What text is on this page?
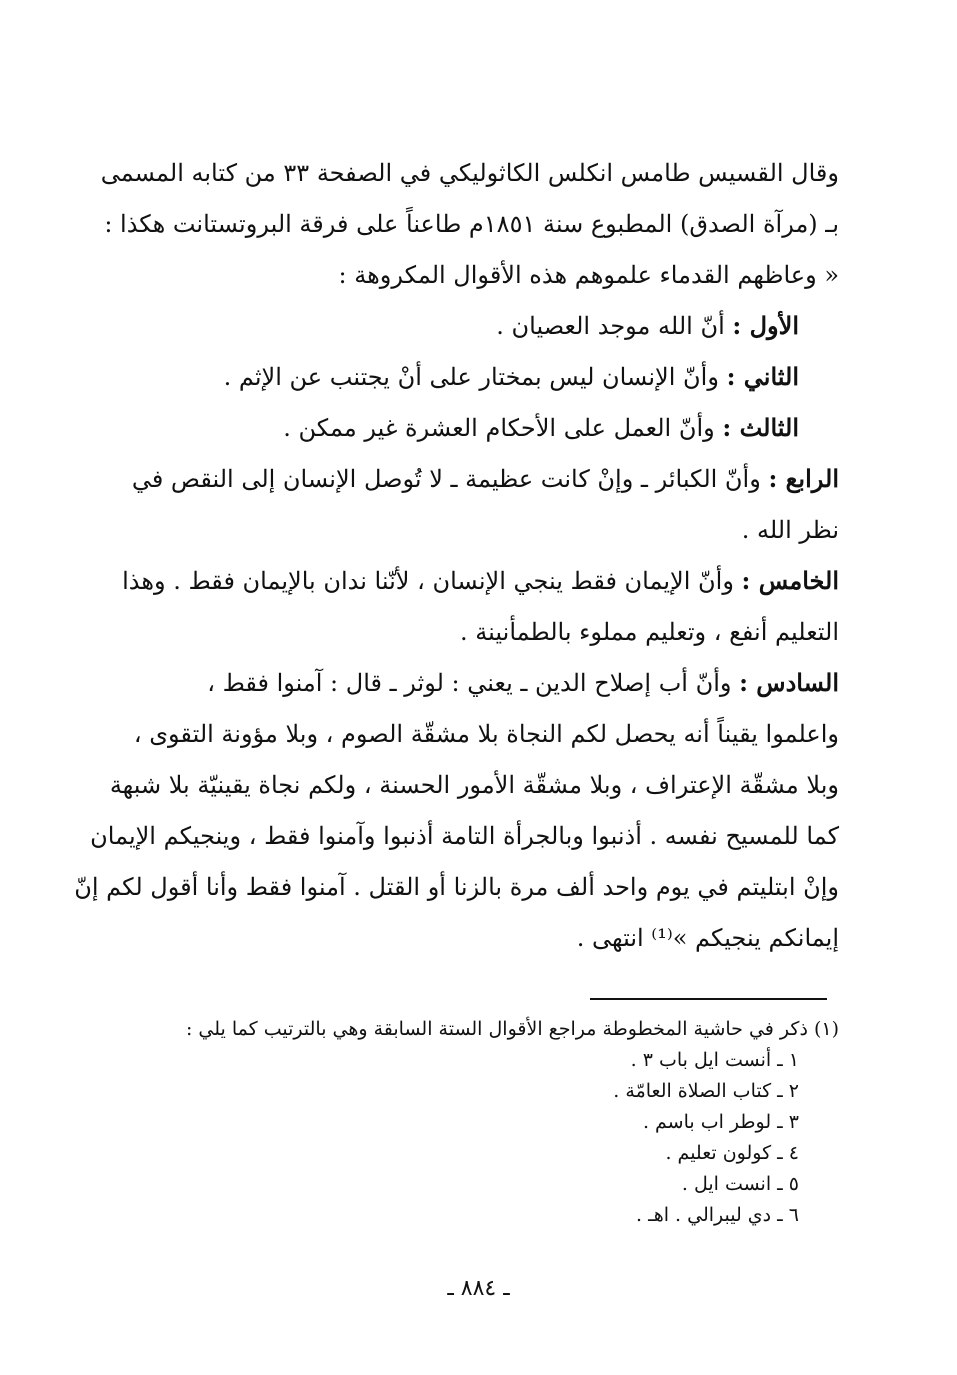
وقال القسيس طامس انكلس الكاثوليكي في الصفحة ٣٣ من كتابه المسمى
بـ (مرآة الصدق) المطبوع سنة ١٨٥١م طاعناً على فرقة البروتستانت هكذا :
« وعاظهم القدماء علموهم هذه الأقوال المكروهة :
الأول : أنّ الله موجد العصيان .
الثاني : وأنّ الإنسان ليس بمختار على أنْ يجتنب عن الإثم .
الثالث : وأنّ العمل على الأحكام العشرة غير ممكن .
الرابع : وأنّ الكبائر ـ وإنْ كانت عظيمة ـ لا تُوصل الإنسان إلى النقص في
نظر الله .
الخامس : وأنّ الإيمان فقط ينجي الإنسان ، لأنّنا ندان بالإيمان فقط . وهذا
التعليم أنفع ، وتعليم مملوء بالطمأنينة .
السادس : وأنّ أب إصلاح الدين ـ يعني : لوثر ـ قال : آمنوا فقط ،
واعلموا يقيناً أنه يحصل لكم النجاة بلا مشقّة الصوم ، وبلا مؤونة التقوى ،
وبلا مشقّة الإعتراف ، وبلا مشقّة الأمور الحسنة ، ولكم نجاة يقينيّة بلا شبهة
كما للمسيح نفسه . أذنبوا وبالجرأة التامة أذنبوا وآمنوا فقط ، وينجيكم الإيمان
وإنْ ابتليتم في يوم واحد ألف مرة بالزنا أو القتل . آمنوا فقط وأنا أقول لكم إنّ
إيمانكم ينجيكم »⁽¹⁾ انتهى .
(١) ذكر في حاشية المخطوطة مراجع الأقوال الستة السابقة وهي بالترتيب كما يلي :
١ ـ أنست ايل باب ٣ .
٢ ـ كتاب الصلاة العامّة .
٣ ـ لوطر اب باسم .
٤ ـ كولون تعليم .
٥ ـ انست ايل .
٦ ـ دي ليبرالي . اهـ .
ـ ٨٨٤ ـ
